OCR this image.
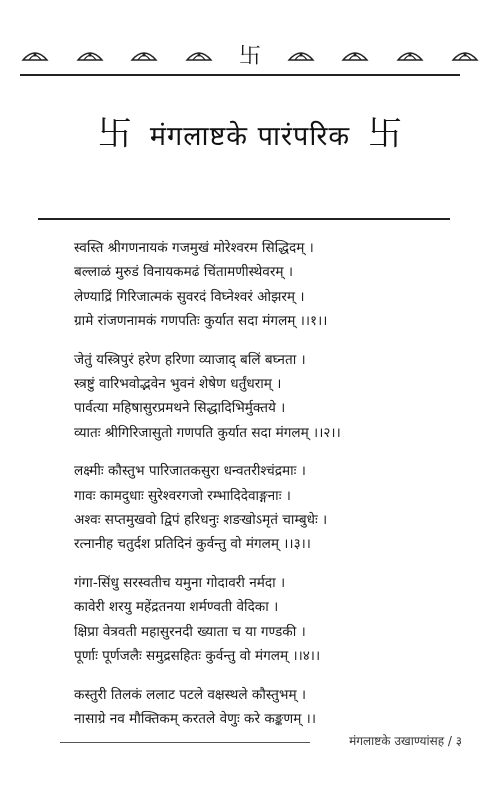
卐
卐 मंगलाष्टके पारंपरिक 卐
स्वस्ति श्रीगणनायकं गजमुखं मोरेश्वरम सिद्धिदम् ।
बल्लाळं मुरुडं विनायकमढं चिंतामणीस्थेवरम् ।
लेण्याद्रिं गिरिजात्मकं सुवरदं विघ्नेश्वरं ओझरम् ।
ग्रामे रांजणनामकं गणपतिः कुर्यात सदा मंगलम् ।।१।।
जेतुं यस्त्रिपुरं हरेण हरिणा व्याजाद् बलिं बघ्नता ।
स्त्रष्टुं वारिभवोद्भवेन भुवनं शेषेण धर्तुंधराम् ।
पार्वत्या महिषासुरप्रमथने सिद्धादिभिर्मुक्तये ।
व्यातः श्रीगिरिजासुतो गणपति कुर्यात सदा मंगलम् ।।२।।
लक्ष्मीः कौस्तुभ पारिजातकसुरा धन्वतरीश्चंद्रमाः ।
गावः कामदुधाः सुरेश्वरगजो रम्भादिदेवाङ्गनाः ।
अश्वः सप्तमुखवो द्विपं हरिधनुः शङखोऽमृतं चाम्बुधेः ।
रत्नानीह चतुर्दश प्रतिदिनं कुर्वन्तु वो मंगलम् ।।३।।
गंगा-सिंधु सरस्वतीच यमुना गोदावरी नर्मदा ।
कावेरी शरयु महेंद्रतनया शर्मण्वती वेदिका ।
क्षिप्रा वेत्रवती महासुरनदी ख्याता च या गण्डकी ।
पूर्णाः पूर्णजलैः समुद्रसहितः कुर्वन्तु वो मंगलम् ।।४।।
कस्तुरी तिलकं ललाट पटले वक्षस्थले कौस्तुभम् ।
नासाग्रे नव मौक्तिकम् करतले वेणुः करे कङ्कणम् ।।
मंगलाष्टके उखाण्यांसह / ३
